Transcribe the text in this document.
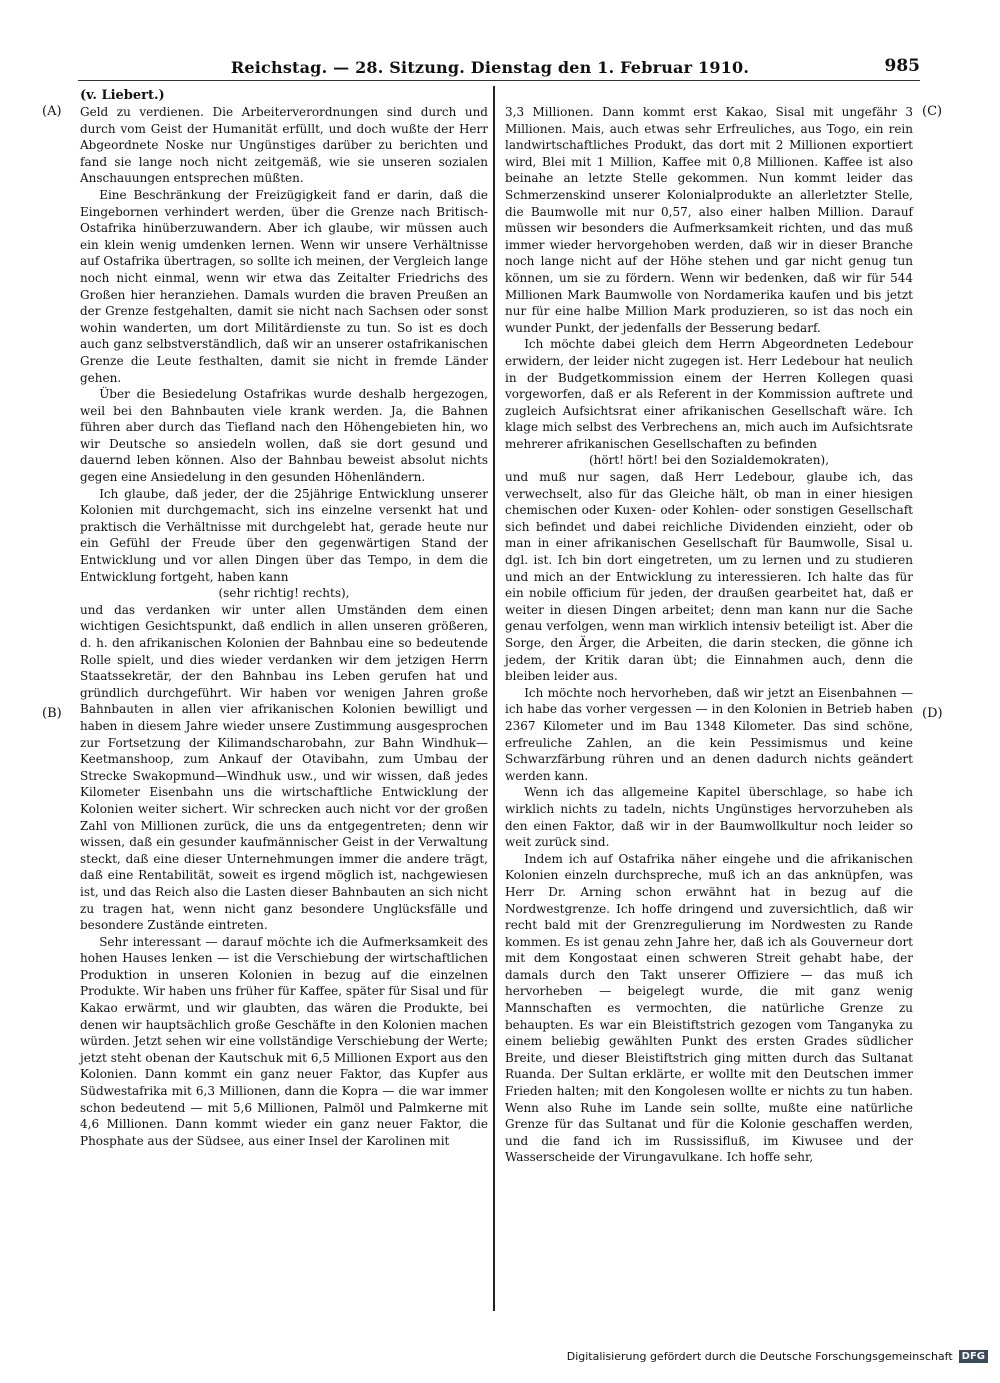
Reichstag. — 28. Sitzung. Dienstag den 1. Februar 1910.	985
(v. Liebert.)
(A)
(B)
(C)
(D)

Geld zu verdienen. Die Arbeiterverordnungen sind durch und durch vom Geist der Humanität erfüllt, und doch wußte der Herr Abgeordnete Noske nur Ungünstiges darüber zu berichten und fand sie lange noch nicht zeitgemäß, wie sie unseren sozialen Anschauungen entsprechen müßten.

Eine Beschränkung der Freizügigkeit fand er darin, daß die Eingebornen verhindert werden, über die Grenze nach Britisch-Ostafrika hinüberzuwandern. Aber ich glaube, wir müssen auch ein klein wenig umdenken lernen. Wenn wir unsere Verhältnisse auf Ostafrika übertragen, so sollte ich meinen, der Vergleich lange noch nicht einmal, wenn wir etwa das Zeitalter Friedrichs des Großen hier heranziehen. Damals wurden die braven Preußen an der Grenze festgehalten, damit sie nicht nach Sachsen oder sonst wohin wanderten, um dort Militärdienste zu tun. So ist es doch auch ganz selbstverständlich, daß wir an unserer ostafrikanischen Grenze die Leute festhalten, damit sie nicht in fremde Länder gehen.

Über die Besiedelung Ostafrikas wurde deshalb hergezogen, weil bei den Bahnbauten viele krank werden. Ja, die Bahnen führen aber durch das Tiefland nach den Höhengebieten hin, wo wir Deutsche so ansiedeln wollen, daß sie dort gesund und dauernd leben können. Also der Bahnbau beweist absolut nichts gegen eine Ansiedelung in den gesunden Höhenländern.

Ich glaube, daß jeder, der die 25jährige Entwicklung unserer Kolonien mit durchgemacht, sich ins einzelne versenkt hat und praktisch die Verhältnisse mit durchgelebt hat, gerade heute nur ein Gefühl der Freude über den gegenwärtigen Stand der Entwicklung und vor allen Dingen über das Tempo, in dem die Entwicklung fortgeht, haben kann

(sehr richtig! rechts),

und das verdanken wir unter allen Umständen dem einen wichtigen Gesichtspunkt, daß endlich in allen unseren größeren, d. h. den afrikanischen Kolonien der Bahnbau eine so bedeutende Rolle spielt, und dies wieder verdanken wir dem jetzigen Herrn Staatssekretär, der den Bahnbau ins Leben gerufen hat und gründlich durchgeführt. Wir haben vor wenigen Jahren große Bahnbauten in allen vier afrikanischen Kolonien bewilligt und haben in diesem Jahre wieder unsere Zustimmung ausgesprochen zur Fortsetzung der Kilimandscharobahn, zur Bahn Windhuk—Keetmanshoop, zum Ankauf der Otavibahn, zum Umbau der Strecke Swakopmund—Windhuk usw., und wir wissen, daß jedes Kilometer Eisenbahn uns die wirtschaftliche Entwicklung der Kolonien weiter sichert. Wir schrecken auch nicht vor der großen Zahl von Millionen zurück, die uns da entgegentreten; denn wir wissen, daß ein gesunder kaufmännischer Geist in der Verwaltung steckt, daß eine dieser Unternehmungen immer die andere trägt, daß eine Rentabilität, soweit es irgend möglich ist, nachgewiesen ist, und das Reich also die Lasten dieser Bahnbauten an sich nicht zu tragen hat, wenn nicht ganz besondere Unglücksfälle und besondere Zustände eintreten.

Sehr interessant — darauf möchte ich die Aufmerksamkeit des hohen Hauses lenken — ist die Verschiebung der wirtschaftlichen Produktion in unseren Kolonien in bezug auf die einzelnen Produkte. Wir haben uns früher für Kaffee, später für Sisal und für Kakao erwärmt, und wir glaubten, das wären die Produkte, bei denen wir hauptsächlich große Geschäfte in den Kolonien machen würden. Jetzt sehen wir eine vollständige Verschiebung der Werte; jetzt steht obenan der Kautschuk mit 6,5 Millionen Export aus den Kolonien. Dann kommt ein ganz neuer Faktor, das Kupfer aus Südwestafrika mit 6,3 Millionen, dann die Kopra — die war immer schon bedeutend — mit 5,6 Millionen, Palmöl und Palmkerne mit 4,6 Millionen. Dann kommt wieder ein ganz neuer Faktor, die Phosphate aus der Südsee, aus einer Insel der Karolinen mit

3,3 Millionen. Dann kommt erst Kakao, Sisal mit ungefähr 3 Millionen. Mais, auch etwas sehr Erfreuliches, aus Togo, ein rein landwirtschaftliches Produkt, das dort mit 2 Millionen exportiert wird, Blei mit 1 Million, Kaffee mit 0,8 Millionen. Kaffee ist also beinahe an letzte Stelle gekommen. Nun kommt leider das Schmerzenskind unserer Kolonialprodukte an allerletzter Stelle, die Baumwolle mit nur 0,57, also einer halben Million. Darauf müssen wir besonders die Aufmerksamkeit richten, und das muß immer wieder hervorgehoben werden, daß wir in dieser Branche noch lange nicht auf der Höhe stehen und gar nicht genug tun können, um sie zu fördern. Wenn wir bedenken, daß wir für 544 Millionen Mark Baumwolle von Nordamerika kaufen und bis jetzt nur für eine halbe Million Mark produzieren, so ist das noch ein wunder Punkt, der jedenfalls der Besserung bedarf.

Ich möchte dabei gleich dem Herrn Abgeordneten Ledebour erwidern, der leider nicht zugegen ist. Herr Ledebour hat neulich in der Budgetkommission einem der Herren Kollegen quasi vorgeworfen, daß er als Referent in der Kommission auftrete und zugleich Aufsichtsrat einer afrikanischen Gesellschaft wäre. Ich klage mich selbst des Verbrechens an, mich auch im Aufsichtsrate mehrerer afrikanischen Gesellschaften zu befinden

(hört! hört! bei den Sozialdemokraten),

und muß nur sagen, daß Herr Ledebour, glaube ich, das verwechselt, also für das Gleiche hält, ob man in einer hiesigen chemischen oder Kuxen- oder Kohlen- oder sonstigen Gesellschaft sich befindet und dabei reichliche Dividenden einzieht, oder ob man in einer afrikanischen Gesellschaft für Baumwolle, Sisal u. dgl. ist. Ich bin dort eingetreten, um zu lernen und zu studieren und mich an der Entwicklung zu interessieren. Ich halte das für ein nobile officium für jeden, der draußen gearbeitet hat, daß er weiter in diesen Dingen arbeitet; denn man kann nur die Sache genau verfolgen, wenn man wirklich intensiv beteiligt ist. Aber die Sorge, den Ärger, die Arbeiten, die darin stecken, die gönne ich jedem, der Kritik daran übt; die Einnahmen auch, denn die bleiben leider aus.

Ich möchte noch hervorheben, daß wir jetzt an Eisenbahnen — ich habe das vorher vergessen — in den Kolonien in Betrieb haben 2367 Kilometer und im Bau 1348 Kilometer. Das sind schöne, erfreuliche Zahlen, an die kein Pessimismus und keine Schwarzfärbung rühren und an denen dadurch nichts geändert werden kann.

Wenn ich das allgemeine Kapitel überschlage, so habe ich wirklich nichts zu tadeln, nichts Ungünstiges hervorzuheben als den einen Faktor, daß wir in der Baumwollkultur noch leider so weit zurück sind.

Indem ich auf Ostafrika näher eingehe und die afrikanischen Kolonien einzeln durchspreche, muß ich an das anknüpfen, was Herr Dr. Arning schon erwähnt hat in bezug auf die Nordwestgrenze. Ich hoffe dringend und zuversichtlich, daß wir recht bald mit der Grenzregulierung im Nordwesten zu Rande kommen. Es ist genau zehn Jahre her, daß ich als Gouverneur dort mit dem Kongostaat einen schweren Streit gehabt habe, der damals durch den Takt unserer Offiziere — das muß ich hervorheben — beigelegt wurde, die mit ganz wenig Mannschaften es vermochten, die natürliche Grenze zu behaupten. Es war ein Bleistiftstrich gezogen vom Tanganyka zu einem beliebig gewählten Punkt des ersten Grades südlicher Breite, und dieser Bleistiftstrich ging mitten durch das Sultanat Ruanda. Der Sultan erklärte, er wollte mit den Deutschen immer Frieden halten; mit den Kongolesen wollte er nichts zu tun haben. Wenn also Ruhe im Lande sein sollte, mußte eine natürliche Grenze für das Sultanat und für die Kolonie geschaffen werden, und die fand ich im Russissifluß, im Kiwusee und der Wasserscheide der Virungavulkane. Ich hoffe sehr,

Digitalisierung gefördert durch die Deutsche Forschungsgemeinschaft DFG
